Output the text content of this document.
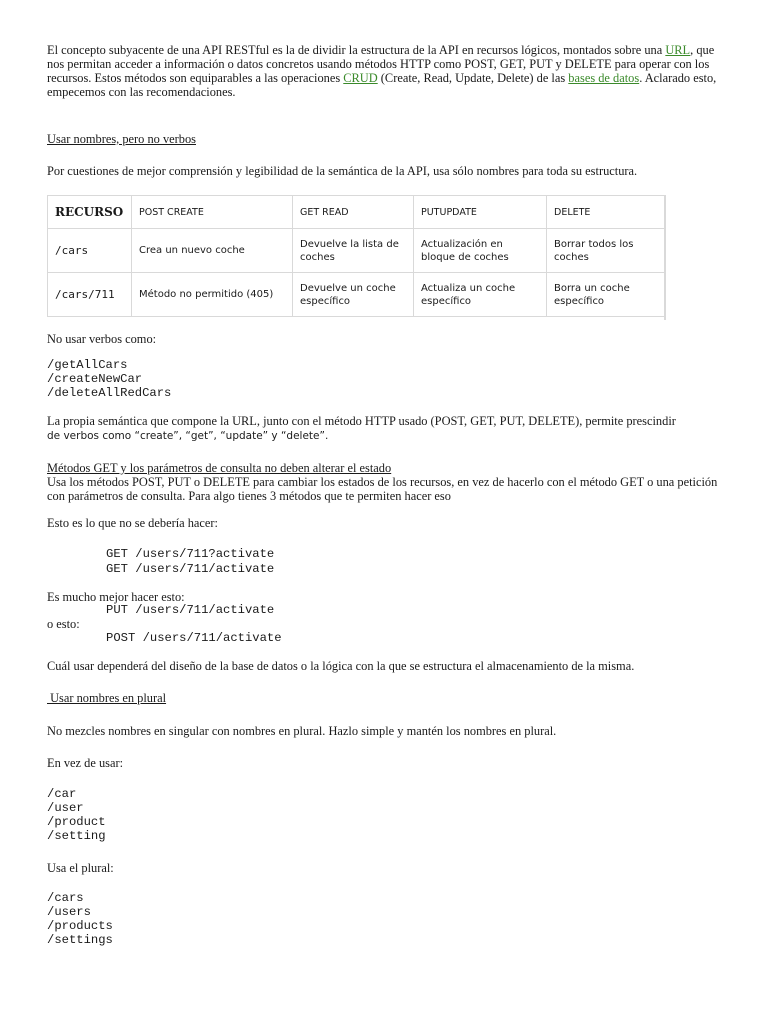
El concepto subyacente de una API RESTful es la de dividir la estructura de la API en recursos lógicos, montados sobre una URL, que nos permitan acceder a información o datos concretos usando métodos HTTP como POST, GET, PUT y DELETE para operar con los recursos. Estos métodos son equiparables a las operaciones CRUD (Create, Read, Update, Delete) de las bases de datos. Aclarado esto, empecemos con las recomendaciones.

Usar nombres, pero no verbos

Por cuestiones de mejor comprensión y legibilidad de la semántica de la API, usa sólo nombres para toda su estructura.

RECURSO	POST CREATE	GET READ	PUTUPDATE	DELETE
/cars	Crea un nuevo coche	Devuelve la lista de coches	Actualización en bloque de coches	Borrar todos los coches
/cars/711	Método no permitido (405)	Devuelve un coche específico	Actualiza un coche específico	Borra un coche específico

No usar verbos como:

/getAllCars

/createNewCar

/deleteAllRedCars

La propia semántica que compone la URL, junto con el método HTTP usado (POST, GET, PUT, DELETE), permite prescindir

de verbos como “create”, “get”, “update” y “delete”.

Métodos GET y los parámetros de consulta no deben alterar el estado

Usa los métodos POST, PUT o DELETE para cambiar los estados de los recursos, en vez de hacerlo con el método GET o una petición con parámetros de consulta. Para algo tienes 3 métodos que te permiten hacer eso

Esto es lo que no se debería hacer:

GET /users/711?activate

GET /users/711/activate

Es mucho mejor hacer esto:

PUT /users/711/activate

o esto:

POST /users/711/activate

Cuál usar dependerá del diseño de la base de datos o la lógica con la que se estructura el almacenamiento de la misma.

Usar nombres en plural

No mezcles nombres en singular con nombres en plural. Hazlo simple y mantén los nombres en plural.

En vez de usar:

/car

/user

/product

/setting

Usa el plural:

/cars

/users

/products

/settings
